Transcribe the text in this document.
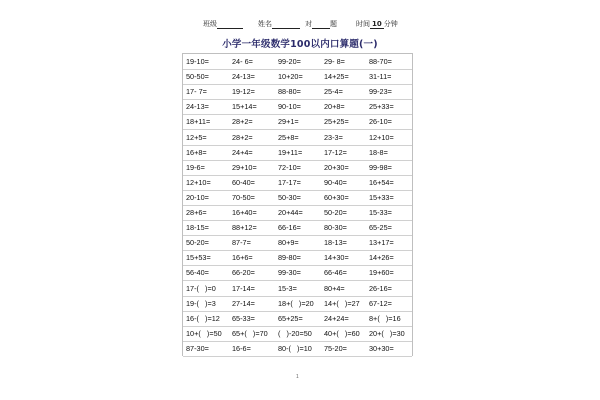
班级	姓名	对	题	时间 10 分钟
小学一年级数学100以内口算题(一)
19-10=	24- 6=	99-20=	29- 8=	88-70=
50-50=	24-13=	10+20=	14+25=	31-11=
17- 7=	19-12=	88-80=	25-4=	99-23=
24-13=	15+14=	90-10=	20+8=	25+33=
18+11=	28+2=	29+1=	25+25=	26-10=
12+5=	28+2=	25+8=	23-3=	12+10=
16+8=	24+4=	19+11=	17-12=	18-8=
19-6=	29+10=	72-10=	20+30=	99-98=
12+10=	60-40=	17-17=	90-40=	16+54=
20-10=	70-50=	50-30=	60+30=	15+33=
28+6=	16+40=	20+44=	50-20=	15-33=
18-15=	88+12=	66-16=	80-30=	65-25=
50-20=	87-7=	80+9=	18-13=	13+17=
15+53=	16+6=	89-80=	14+30=	14+26=
56-40=	66-20=	99-30=	66-46=	19+60=
17-(   )=0 17-14=	15-3=	80+4=	26-16=
19-(   )=3 27-14=	18+(   )=20 14+(   )=27 67-12=
16-(   )=12 65-33=	65+25=	24+24=	8+(   )=16
10+(   )=50 65+(   )=70 (   )-20=50 40+(   )=60 20+(   )=30
87-30=	16-6=	80-(   )=10 75-20=	30+30=
1
